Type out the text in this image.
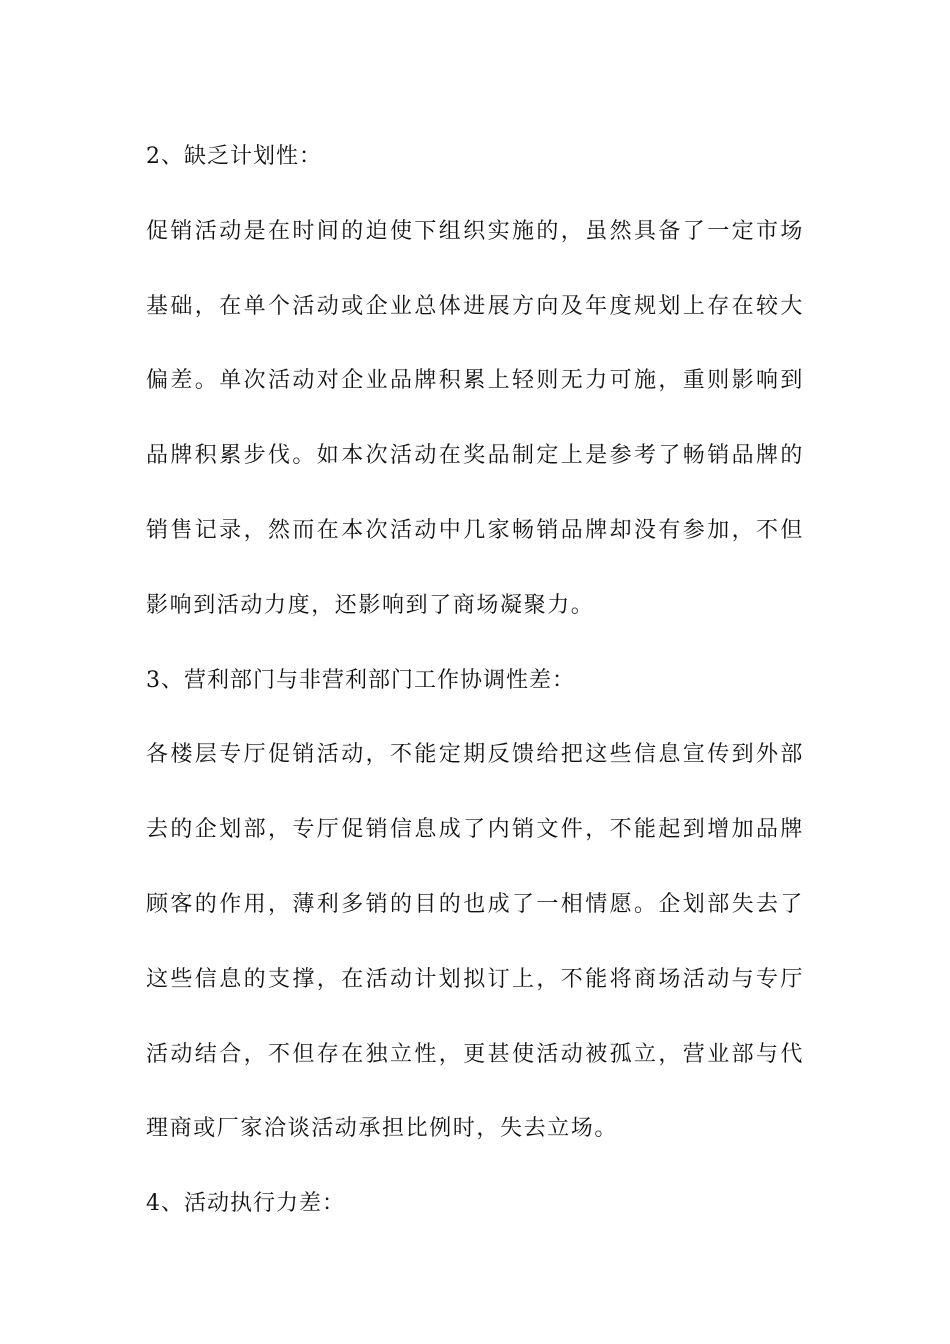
2、缺乏计划性：

促销活动是在时间的迫使下组织实施的，虽然具备了一定市场基础，在单个活动或企业总体进展方向及年度规划上存在较大偏差。单次活动对企业品牌积累上轻则无力可施，重则影响到品牌积累步伐。如本次活动在奖品制定上是参考了畅销品牌的销售记录，然而在本次活动中几家畅销品牌却没有参加，不但影响到活动力度，还影响到了商场凝聚力。

3、营利部门与非营利部门工作协调性差：

各楼层专厅促销活动，不能定期反馈给把这些信息宣传到外部去的企划部，专厅促销信息成了内销文件，不能起到增加品牌顾客的作用，薄利多销的目的也成了一相情愿。企划部失去了这些信息的支撑，在活动计划拟订上，不能将商场活动与专厅活动结合，不但存在独立性，更甚使活动被孤立，营业部与代理商或厂家洽谈活动承担比例时，失去立场。

4、活动执行力差：
